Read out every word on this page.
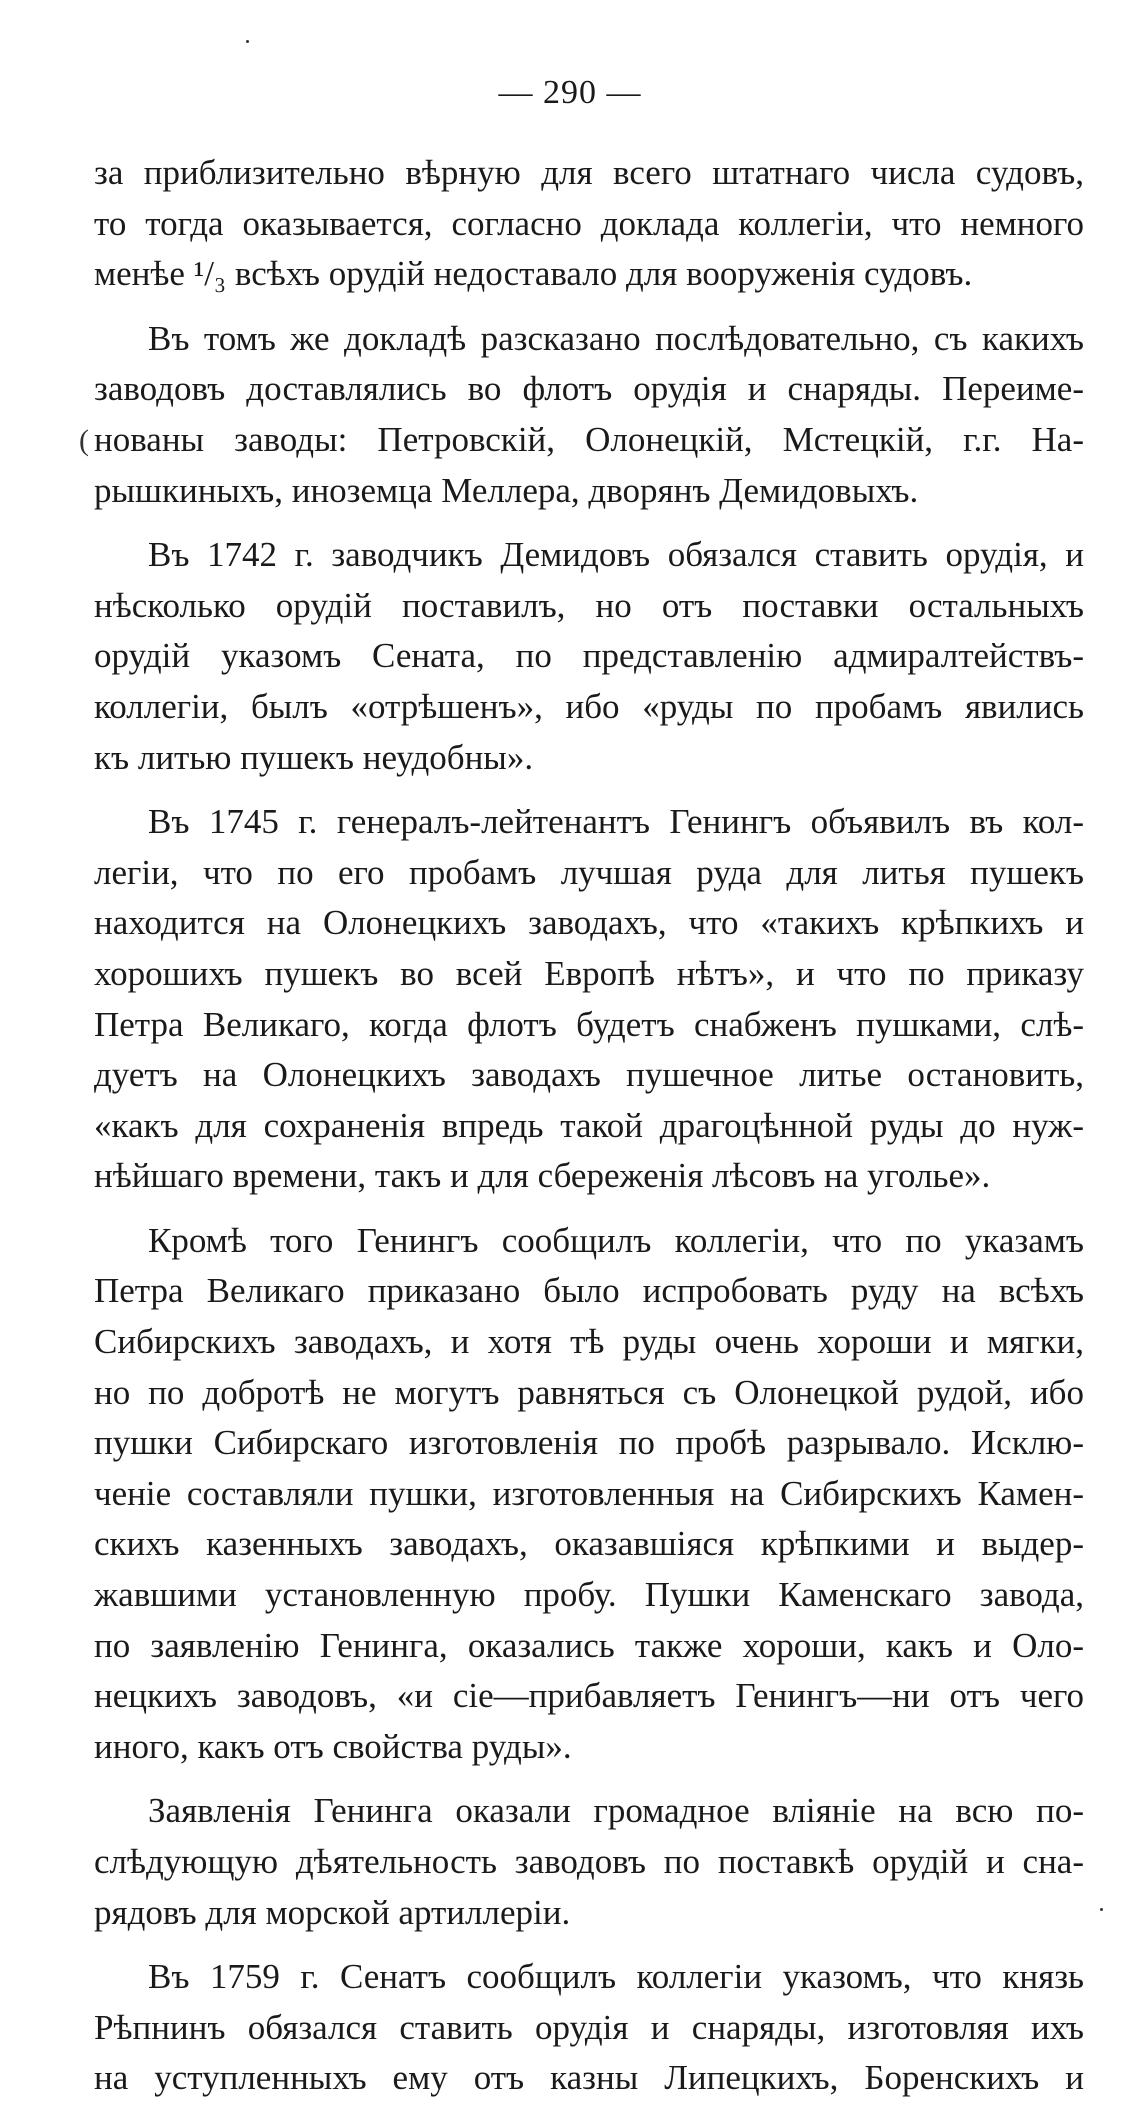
— 290 —
за приблизительно вѣрную для всего штатнаго числа судовъ,
то тогда оказывается, согласно доклада коллегіи, что немного
менѣе ¹/₃ всѣхъ орудій недоставало для вооруженія судовъ.
Въ томъ же докладѣ разсказано послѣдовательно, съ какихъ
заводовъ доставлялись во флотъ орудія и снаряды. Переиме-
нованы заводы: Петровскій, Олонецкій, Мстецкій, г.г. На-
рышкиныхъ, иноземца Меллера, дворянъ Демидовыхъ.
Въ 1742 г. заводчикъ Демидовъ обязался ставить орудія, и
нѣсколько орудій поставилъ, но отъ поставки остальныхъ
орудій указомъ Сената, по представленію адмиралтействъ-
коллегіи, былъ «отрѣшенъ», ибо «руды по пробамъ явились
къ литью пушекъ неудобны».
Въ 1745 г. генералъ-лейтенантъ Генингъ объявилъ въ кол-
легіи, что по его пробамъ лучшая руда для литья пушекъ
находится на Олонецкихъ заводахъ, что «такихъ крѣпкихъ и
хорошихъ пушекъ во всей Европѣ нѣтъ», и что по приказу
Петра Великаго, когда флотъ будетъ снабженъ пушками, слѣ-
дуетъ на Олонецкихъ заводахъ пушечное литье остановить,
«какъ для сохраненія впредь такой драгоцѣнной руды до нуж-
нѣйшаго времени, такъ и для сбереженія лѣсовъ на уголье».
Кромѣ того Генингъ сообщилъ коллегіи, что по указамъ
Петра Великаго приказано было испробовать руду на всѣхъ
Сибирскихъ заводахъ, и хотя тѣ руды очень хороши и мягки,
но по добротѣ не могутъ равняться съ Олонецкой рудой, ибо
пушки Сибирскаго изготовленія по пробѣ разрывало. Исклю-
ченіе составляли пушки, изготовленныя на Сибирскихъ Камен-
скихъ казенныхъ заводахъ, оказавшіяся крѣпкими и выдер-
жавшими установленную пробу. Пушки Каменскаго завода,
по заявленію Генинга, оказались также хороши, какъ и Оло-
нецкихъ заводовъ, «и сіе—прибавляетъ Генингъ—ни отъ чего
иного, какъ отъ свойства руды».
Заявленія Генинга оказали громадное вліяніе на всю по-
слѣдующую дѣятельность заводовъ по поставкѣ орудій и сна-
рядовъ для морской артиллеріи.
Въ 1759 г. Сенатъ сообщилъ коллегіи указомъ, что князь
Рѣпнинъ обязался ставить орудія и снаряды, изготовляя ихъ
на уступленныхъ ему отъ казны Липецкихъ, Боренскихъ и
(
